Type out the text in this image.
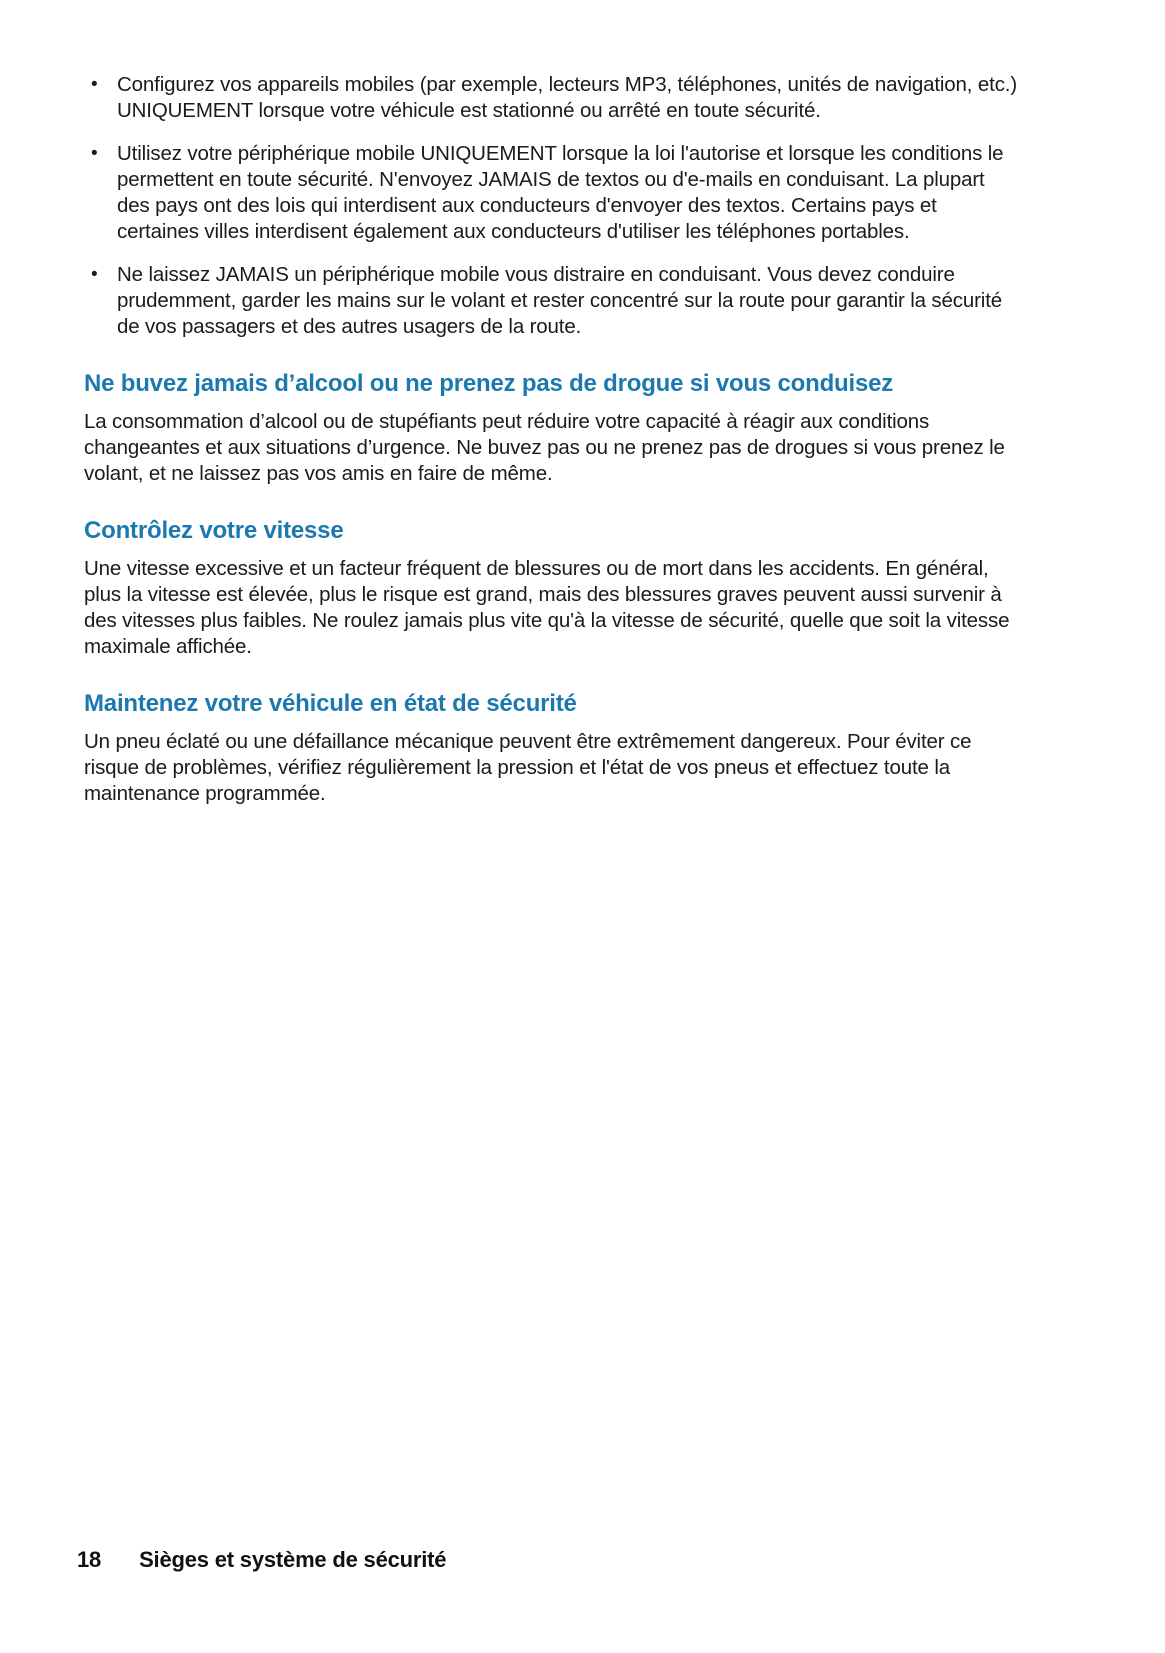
• Configurez vos appareils mobiles (par exemple, lecteurs MP3, téléphones, unités de navigation, etc.) UNIQUEMENT lorsque votre véhicule est stationné ou arrêté en toute sécurité.

• Utilisez votre périphérique mobile UNIQUEMENT lorsque la loi l'autorise et lorsque les conditions le permettent en toute sécurité. N'envoyez JAMAIS de textos ou d'e-mails en conduisant. La plupart des pays ont des lois qui interdisent aux conducteurs d'envoyer des textos. Certains pays et certaines villes interdisent également aux conducteurs d'utiliser les téléphones portables.

• Ne laissez JAMAIS un périphérique mobile vous distraire en conduisant. Vous devez conduire prudemment, garder les mains sur le volant et rester concentré sur la route pour garantir la sécurité de vos passagers et des autres usagers de la route.

Ne buvez jamais d’alcool ou ne prenez pas de drogue si vous conduisez

La consommation d’alcool ou de stupéfiants peut réduire votre capacité à réagir aux conditions changeantes et aux situations d’urgence. Ne buvez pas ou ne prenez pas de drogues si vous prenez le volant, et ne laissez pas vos amis en faire de même.

Contrôlez votre vitesse

Une vitesse excessive et un facteur fréquent de blessures ou de mort dans les accidents. En général, plus la vitesse est élevée, plus le risque est grand, mais des blessures graves peuvent aussi survenir à des vitesses plus faibles. Ne roulez jamais plus vite qu'à la vitesse de sécurité, quelle que soit la vitesse maximale affichée.

Maintenez votre véhicule en état de sécurité

Un pneu éclaté ou une défaillance mécanique peuvent être extrêmement dangereux. Pour éviter ce risque de problèmes, vérifiez régulièrement la pression et l'état de vos pneus et effectuez toute la maintenance programmée.

18 Sièges et système de sécurité
